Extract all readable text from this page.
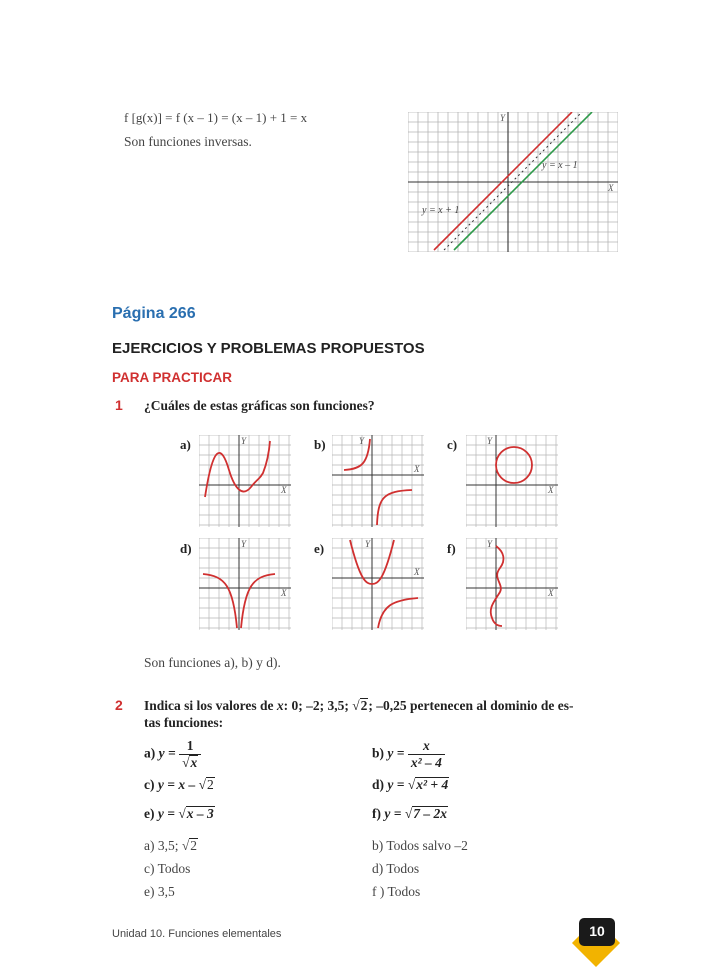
f [g(x)] = f (x – 1) = (x – 1) + 1 = x
Son funciones inversas.
Y
X
y = x – 1
y = x + 1
Página 266
EJERCICIOS Y PROBLEMAS PROPUESTOS
PARA PRACTICAR
1 ¿Cuáles de estas gráficas son funciones?
a)	b)	c)
d)	e)	f)
Y
X
Y
X
Y
X
Y
X
Y
X
Y
X
Son funciones a), b) y d).
2 Indica si los valores de x: 0; –2; 3,5; √2; –0,25 pertenecen al dominio de es-
tas funciones:
a) $y = \frac{1}{√x}$	b) $y = \frac{x}{\text{x² – 4}}$
c) y = x – √2	d) y = √x² + 4
e) y = √x – 3	f) y = √7 – 2x
a) 3,5; √2	b) Todos salvo –2
c) Todos	d) Todos
e) 3,5	f ) Todos
Unidad 10. Funciones elementales	10
